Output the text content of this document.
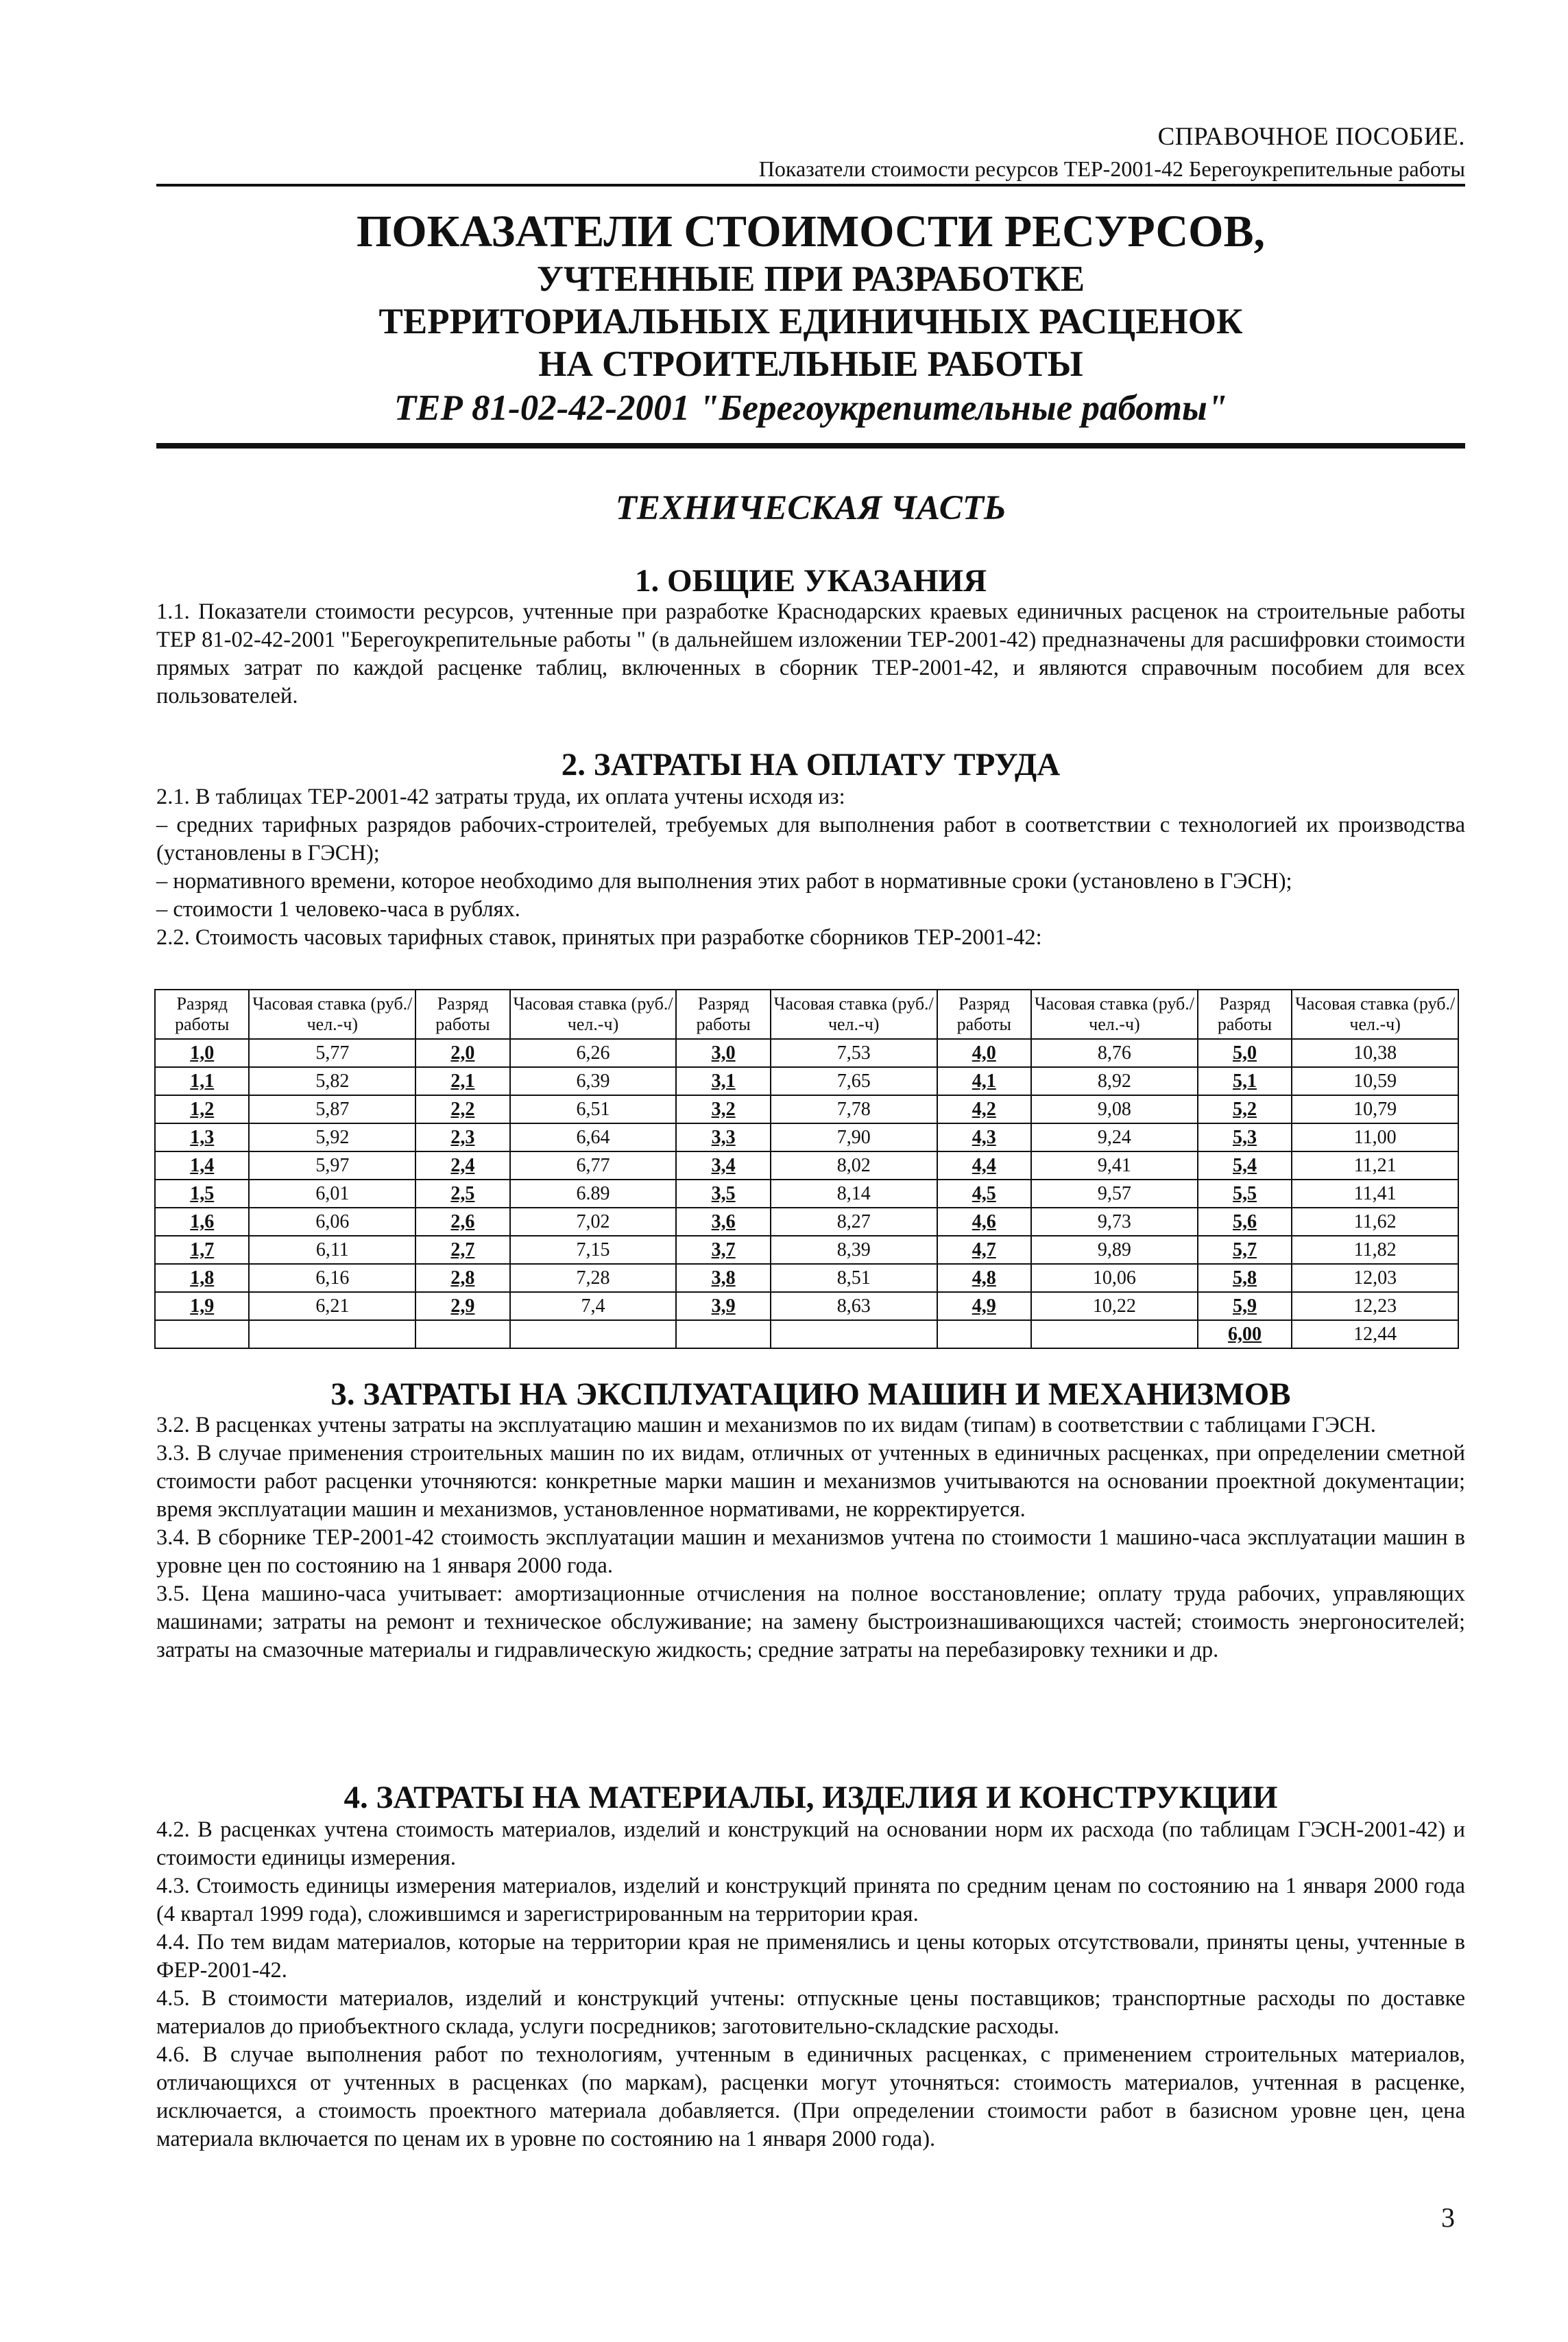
СПРАВОЧНОЕ ПОСОБИЕ.
Показатели стоимости ресурсов ТЕР-2001-42 Берегоукрепительные работы

ПОКАЗАТЕЛИ СТОИМОСТИ РЕСУРСОВ,

УЧТЕННЫЕ ПРИ РАЗРАБОТКЕ

ТЕРРИТОРИАЛЬНЫХ ЕДИНИЧНЫХ РАСЦЕНОК

НА СТРОИТЕЛЬНЫЕ РАБОТЫ

ТЕР 81-02-42-2001 "Берегоукрепительные работы"

ТЕХНИЧЕСКАЯ ЧАСТЬ
1. ОБЩИЕ УКАЗАНИЯ

1.1. Показатели стоимости ресурсов, учтенные при разработке Краснодарских краевых единичных расценок на строительные работы ТЕР 81-02-42-2001 "Берегоукрепительные работы " (в дальнейшем изложении ТЕР-2001-42) предназначены для расшифровки стоимости прямых затрат по каждой расценке таблиц, включенных в сборник ТЕР-2001-42, и являются справочным пособием для всех пользователей.

2. ЗАТРАТЫ НА ОПЛАТУ ТРУДА

2.1. В таблицах ТЕР-2001-42 затраты труда, их оплата учтены исходя из:

– средних тарифных разрядов рабочих-строителей, требуемых для выполнения работ в соответствии с технологией их производства (установлены в ГЭСН);

– нормативного времени, которое необходимо для выполнения этих работ в нормативные сроки (установлено в ГЭСН);

– стоимости 1 человеко-часа в рублях.

2.2. Стоимость часовых тарифных ставок, принятых при разработке сборников ТЕР-2001-42:

Разряд работы	Часовая ставка (руб./чел.-ч)	Разряд работы	Часовая ставка (руб./чел.-ч)	Разряд работы	Часовая ставка (руб./чел.-ч)	Разряд работы	Часовая ставка (руб./чел.-ч)	Разряд работы	Часовая ставка (руб./чел.-ч)
1,0	5,77	2,0	6,26	3,0	7,53	4,0	8,76	5,0	10,38
1,1	5,82	2,1	6,39	3,1	7,65	4,1	8,92	5,1	10,59
1,2	5,87	2,2	6,51	3,2	7,78	4,2	9,08	5,2	10,79
1,3	5,92	2,3	6,64	3,3	7,90	4,3	9,24	5,3	11,00
1,4	5,97	2,4	6,77	3,4	8,02	4,4	9,41	5,4	11,21
1,5	6,01	2,5	6.89	3,5	8,14	4,5	9,57	5,5	11,41
1,6	6,06	2,6	7,02	3,6	8,27	4,6	9,73	5,6	11,62
1,7	6,11	2,7	7,15	3,7	8,39	4,7	9,89	5,7	11,82
1,8	6,16	2,8	7,28	3,8	8,51	4,8	10,06	5,8	12,03
1,9	6,21	2,9	7,4	3,9	8,63	4,9	10,22	5,9	12,23
								6,00	12,44
3. ЗАТРАТЫ НА ЭКСПЛУАТАЦИЮ МАШИН И МЕХАНИЗМОВ

3.2. В расценках учтены затраты на эксплуатацию машин и механизмов по их видам (типам) в соответствии с таблицами ГЭСН.

3.3. В случае применения строительных машин по их видам, отличных от учтенных в единичных расценках, при определении сметной стоимости работ расценки уточняются: конкретные марки машин и механизмов учитываются на основании проектной документации; время эксплуатации машин и механизмов, установленное нормативами, не корректируется.

3.4. В сборнике ТЕР-2001-42 стоимость эксплуатации машин и механизмов учтена по стоимости 1 машино-часа эксплуатации машин в уровне цен по состоянию на 1 января 2000 года.

3.5. Цена машино-часа учитывает: амортизационные отчисления на полное восстановление; оплату труда рабочих, управляющих машинами; затраты на ремонт и техническое обслуживание; на замену быстроизнашивающихся частей; стоимость энергоносителей; затраты на смазочные материалы и гидравлическую жидкость; средние затраты на перебазировку техники и др.

4. ЗАТРАТЫ НА МАТЕРИАЛЫ, ИЗДЕЛИЯ И КОНСТРУКЦИИ

4.2. В расценках учтена стоимость материалов, изделий и конструкций на основании норм их расхода (по таблицам ГЭСН-2001-42) и стоимости единицы измерения.

4.3. Стоимость единицы измерения материалов, изделий и конструкций принята по средним ценам по состоянию на 1 января 2000 года (4 квартал 1999 года), сложившимся и зарегистрированным на территории края.

4.4. По тем видам материалов, которые на территории края не применялись и цены которых отсутствовали, приняты цены, учтенные в ФЕР-2001-42.

4.5. В стоимости материалов, изделий и конструкций учтены: отпускные цены поставщиков; транспортные расходы по доставке материалов до приобъектного склада, услуги посредников; заготовительно-складские расходы.

4.6. В случае выполнения работ по технологиям, учтенным в единичных расценках, с применением строительных материалов, отличающихся от учтенных в расценках (по маркам), расценки могут уточняться: стоимость материалов, учтенная в расценке, исключается, а стоимость проектного материала добавляется. (При определении стоимости работ в базисном уровне цен, цена материала включается по ценам их в уровне по состоянию на 1 января 2000 года).

3
